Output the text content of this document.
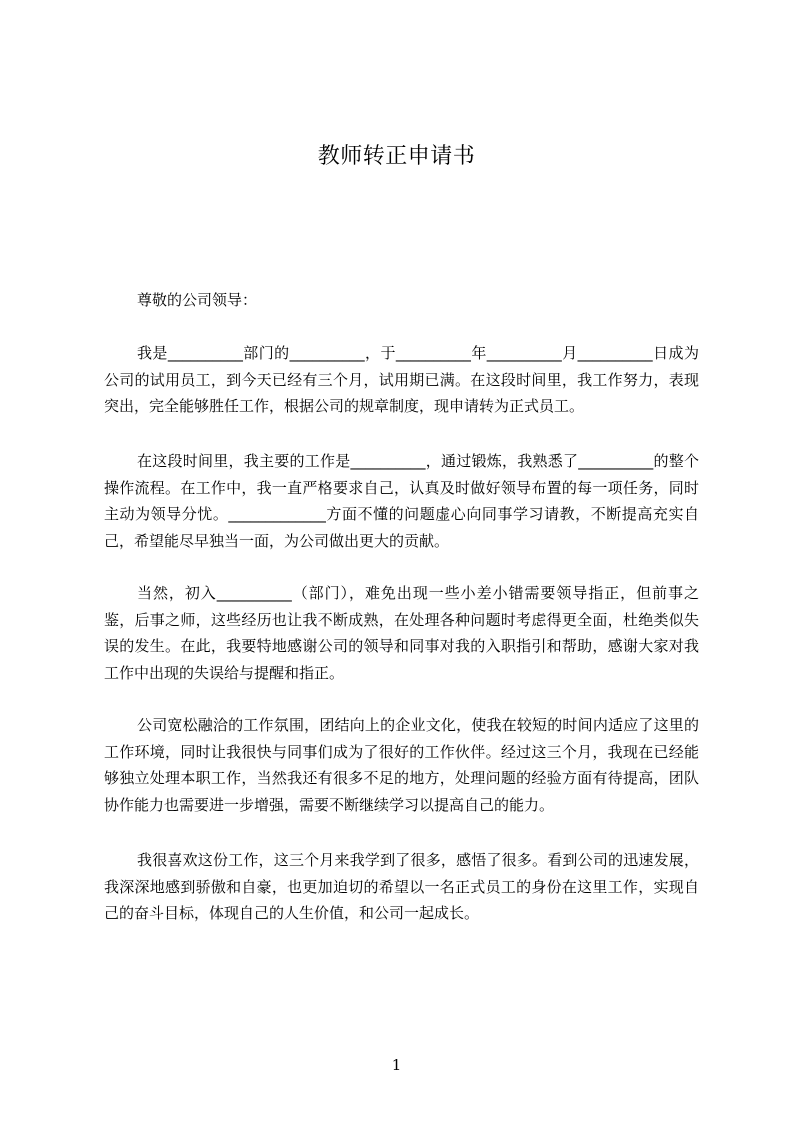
教师转正申请书
尊敬的公司领导：

我是__________部门的__________，于__________年__________月__________日成为公司的试用员工，到今天已经有三个月，试用期已满。在这段时间里，我工作努力，表现突出，完全能够胜任工作，根据公司的规章制度，现申请转为正式员工。

在这段时间里，我主要的工作是__________，通过锻炼，我熟悉了__________的整个操作流程。在工作中，我一直严格要求自己，认真及时做好领导布置的每一项任务，同时主动为领导分忧。_____________方面不懂的问题虚心向同事学习请教，不断提高充实自己，希望能尽早独当一面，为公司做出更大的贡献。

当然，初入__________（部门），难免出现一些小差小错需要领导指正，但前事之鉴，后事之师，这些经历也让我不断成熟，在处理各种问题时考虑得更全面，杜绝类似失误的发生。在此，我要特地感谢公司的领导和同事对我的入职指引和帮助，感谢大家对我工作中出现的失误给与提醒和指正。

公司宽松融洽的工作氛围，团结向上的企业文化，使我在较短的时间内适应了这里的工作环境，同时让我很快与同事们成为了很好的工作伙伴。经过这三个月，我现在已经能够独立处理本职工作，当然我还有很多不足的地方，处理问题的经验方面有待提高，团队协作能力也需要进一步增强，需要不断继续学习以提高自己的能力。

我很喜欢这份工作，这三个月来我学到了很多，感悟了很多。看到公司的迅速发展，我深深地感到骄傲和自豪，也更加迫切的希望以一名正式员工的身份在这里工作，实现自己的奋斗目标，体现自己的人生价值，和公司一起成长。

1
